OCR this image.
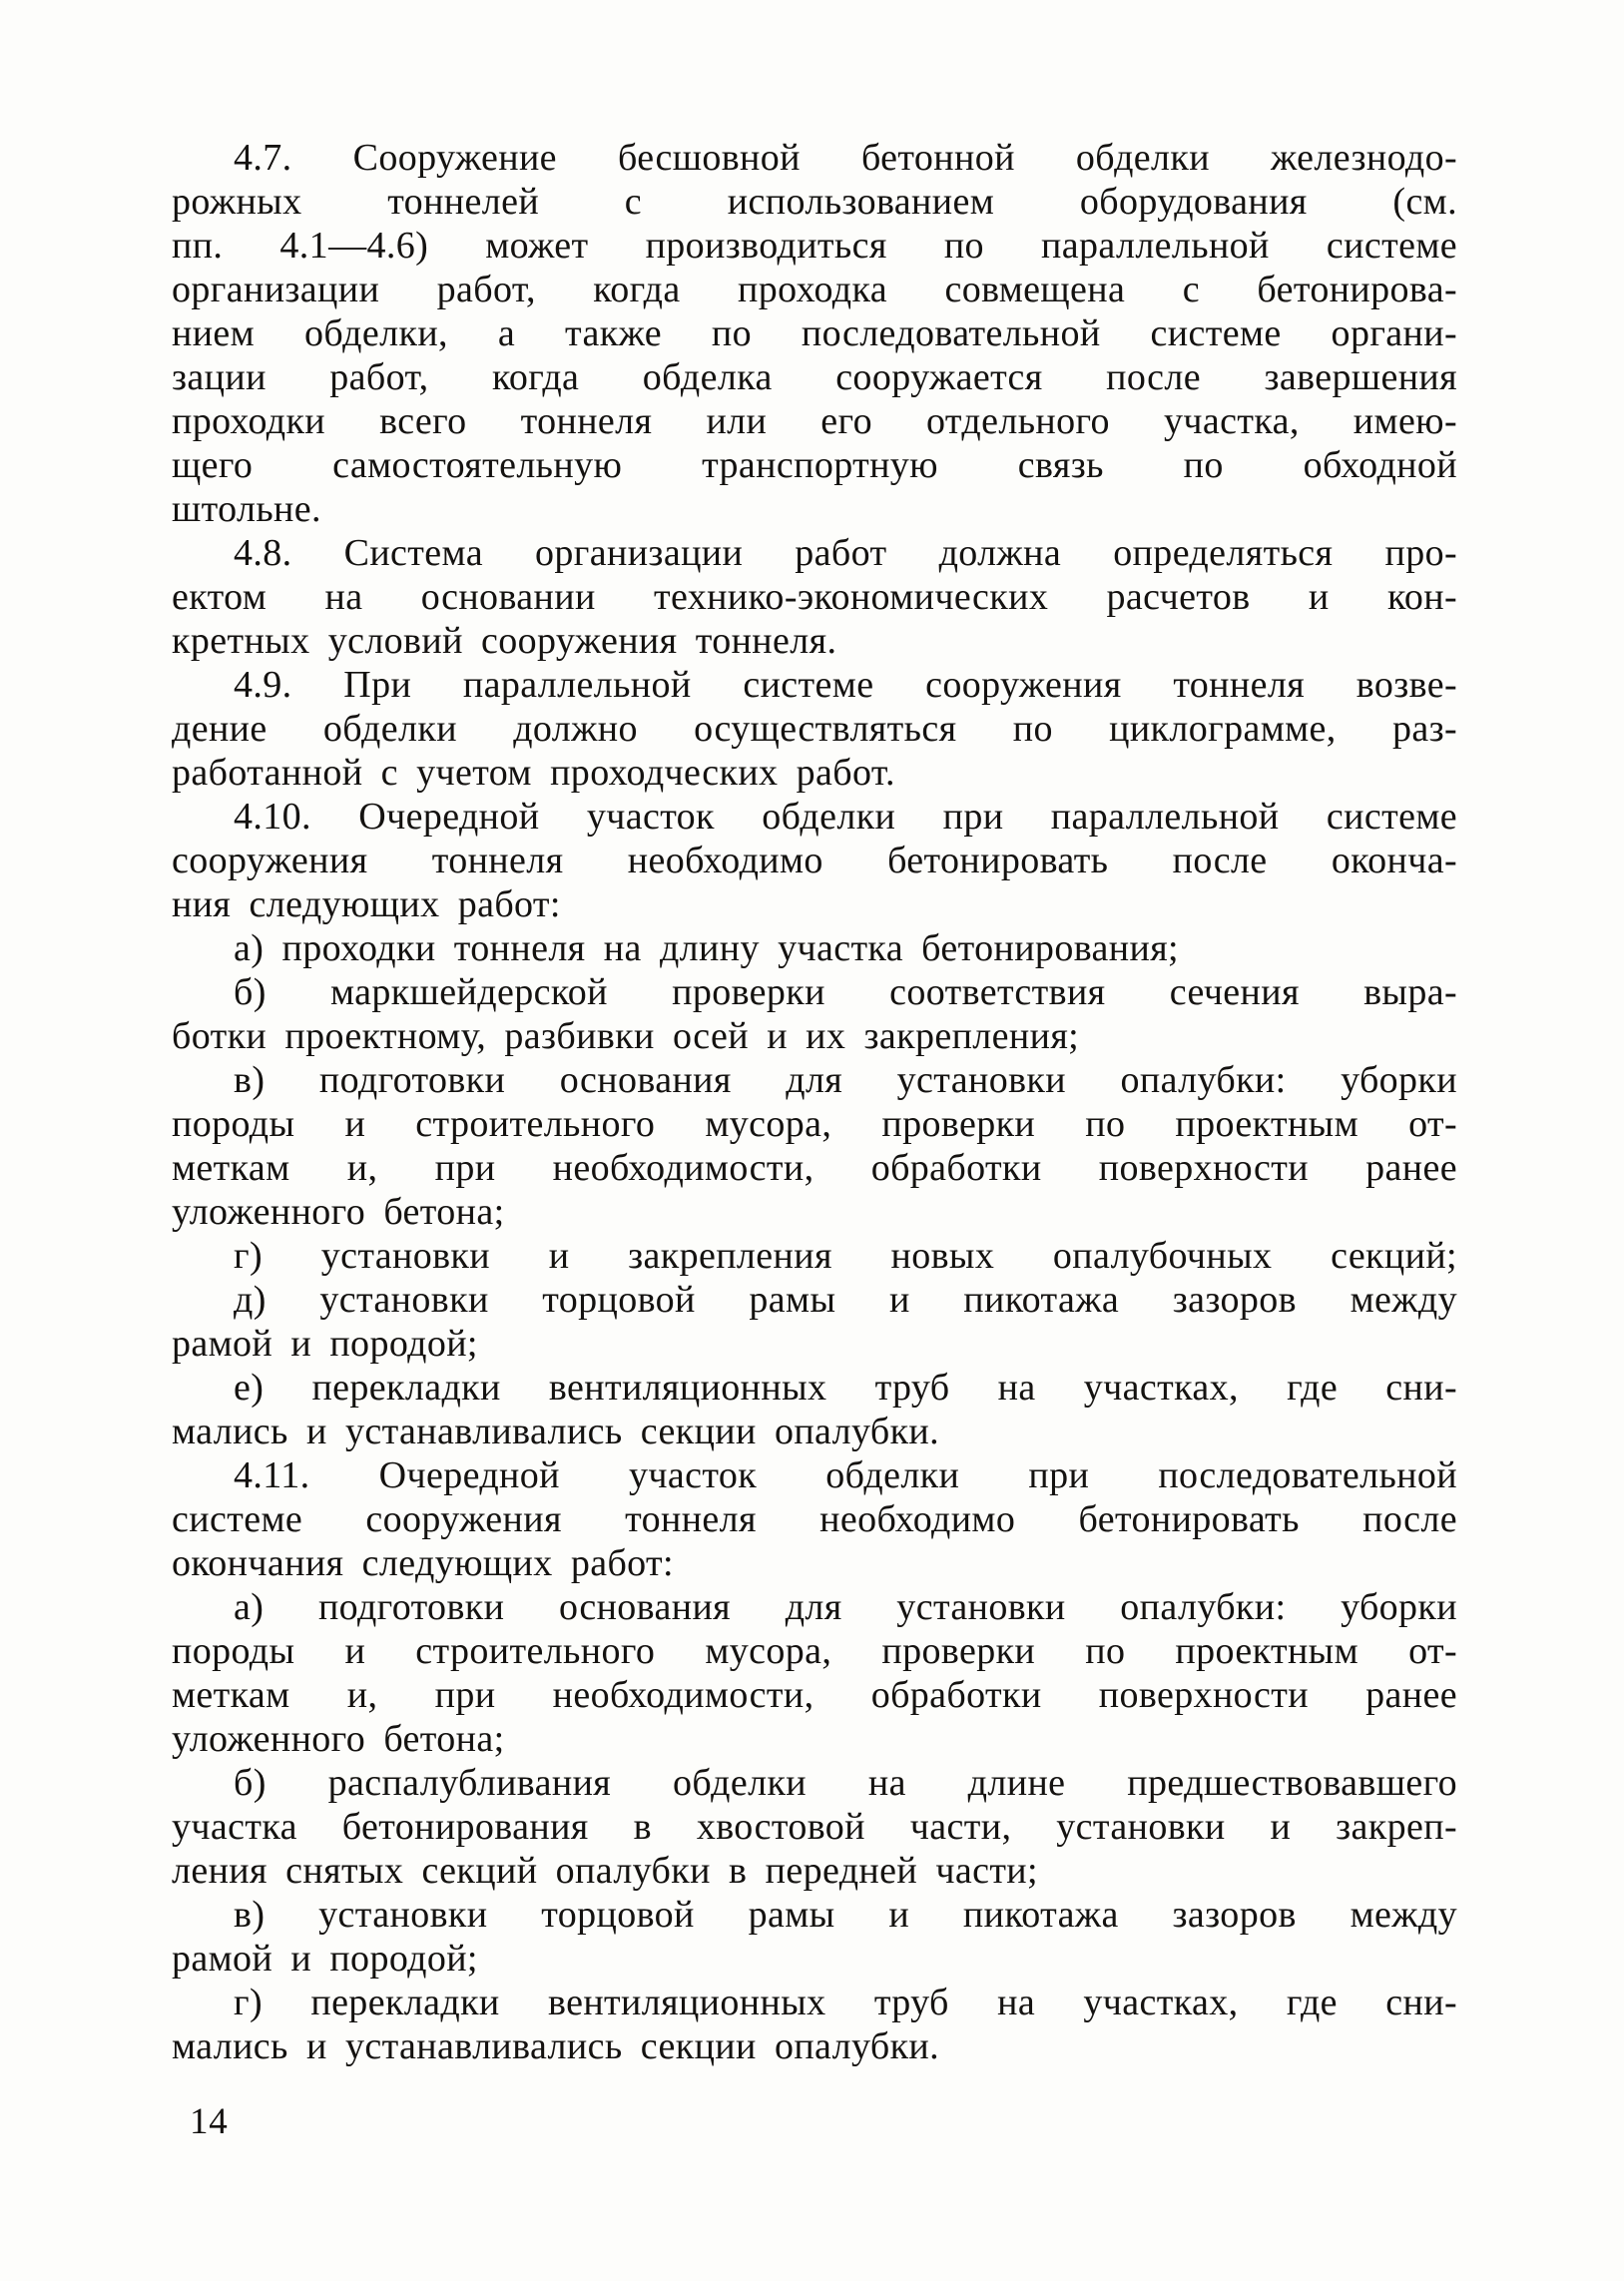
4.7. Сооружение бесшовной бетонной обделки железнодо-
рожных тоннелей с использованием оборудования (см.
пп. 4.1—4.6) может производиться по параллельной системе
организации работ, когда проходка совмещена с бетонирова-
нием обделки, а также по последовательной системе органи-
зации работ, когда обделка сооружается после завершения
проходки всего тоннеля или его отдельного участка, имею-
щего самостоятельную транспортную связь по обходной
штольне.
4.8. Система организации работ должна определяться про-
ектом на основании технико-экономических расчетов и кон-
кретных условий сооружения тоннеля.
4.9. При параллельной системе сооружения тоннеля возве-
дение обделки должно осуществляться по циклограмме, раз-
работанной с учетом проходческих работ.
4.10. Очередной участок обделки при параллельной системе
сооружения тоннеля необходимо бетонировать после оконча-
ния следующих работ:
а) проходки тоннеля на длину участка бетонирования;
б) маркшейдерской проверки соответствия сечения выра-
ботки проектному, разбивки осей и их закрепления;
в) подготовки основания для установки опалубки: уборки
породы и строительного мусора, проверки по проектным от-
меткам и, при необходимости, обработки поверхности ранее
уложенного бетона;
г) установки и закрепления новых опалубочных секций;
д) установки торцовой рамы и пикотажа зазоров между
рамой и породой;
е) перекладки вентиляционных труб на участках, где сни-
мались и устанавливались секции опалубки.
4.11. Очередной участок обделки при последовательной
системе сооружения тоннеля необходимо бетонировать после
окончания следующих работ:
а) подготовки основания для установки опалубки: уборки
породы и строительного мусора, проверки по проектным от-
меткам и, при необходимости, обработки поверхности ранее
уложенного бетона;
б) распалубливания обделки на длине предшествовавшего
участка бетонирования в хвостовой части, установки и закреп-
ления снятых секций опалубки в передней части;
в) установки торцовой рамы и пикотажа зазоров между
рамой и породой;
г) перекладки вентиляционных труб на участках, где сни-
мались и устанавливались секции опалубки.
14
